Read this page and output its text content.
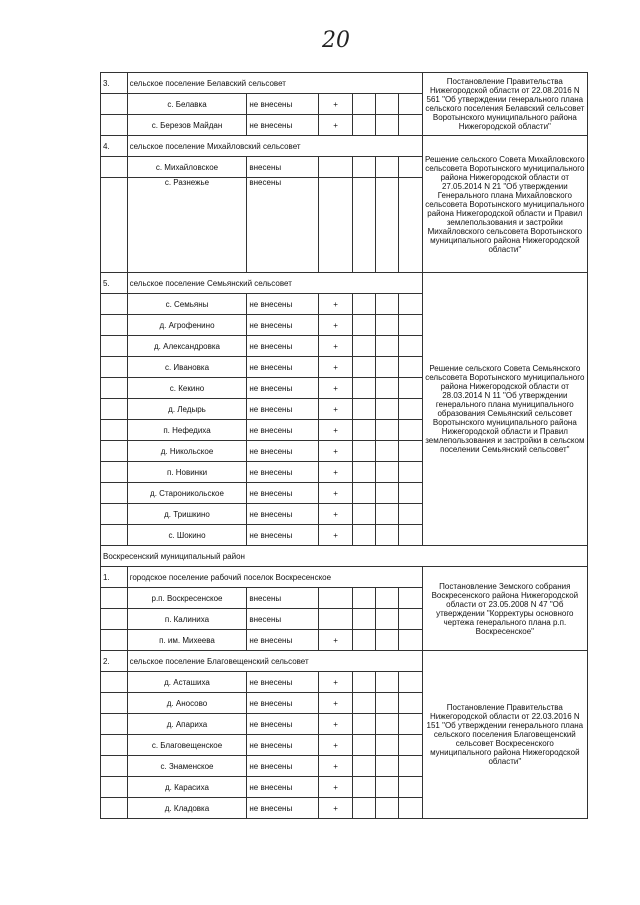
20
3.	сельское поселение Белавский сельсовет						Постановление Правительства Нижегородской области от 22.08.2016 N 561 "Об утверждении генерального плана сельского поселения Белавский сельсовет Воротынского муниципального района Нижегородской области"
	с. Белавка	не внесены	+				
	с. Березов Майдан	не внесены	+				
4.	сельское поселение Михайловский сельсовет						Решение сельского Совета Михайловского сельсовета Воротынского муниципального района Нижегородской области от 27.05.2014 N 21 "Об утверждении Генерального плана Михайловского сельсовета Воротынского муниципального района Нижегородской области и Правил землепользования и застройки Михайловского сельсовета Воротынского муниципального района Нижегородской области"
	с. Михайловское	внесены					
	с. Разнежье	внесены					
5.	сельское поселение Семьянский сельсовет						Решение сельского Совета Семьянского сельсовета Воротынского муниципального района Нижегородской области от 28.03.2014 N 11 "Об утверждении генерального плана муниципального образования Семьянский сельсовет Воротынского муниципального района Нижегородской области и Правил землепользования и застройки в сельском поселении Семьянский сельсовет"
	с. Семьяны	не внесены	+				
	д. Агрофенино	не внесены	+				
	д. Александровка	не внесены	+				
	с. Ивановка	не внесены	+				
	с. Кекино	не внесены	+				
	д. Ледырь	не внесены	+				
	п. Нефедиха	не внесены	+				
	д. Никольское	не внесены	+				
	п. Новинки	не внесены	+				
	д. Староникольское	не внесены	+				
	д. Тришкино	не внесены	+				
	с. Шокино	не внесены	+				
Воскресенский муниципальный район							
1.	городское поселение рабочий поселок Воскресенское						Постановление Земского собрания Воскресенского района Нижегородской области от 23.05.2008 N 47 "Об утверждении "Корректуры основного чертежа генерального плана р.п. Воскресенское"
	р.п. Воскресенское	внесены					
	п. Калиниха	внесены					
	п. им. Михеева	не внесены	+				
2.	сельское поселение Благовещенский сельсовет						Постановление Правительства Нижегородской области от 22.03.2016 N 151 "Об утверждении генерального плана сельского поселения Благовещенский сельсовет Воскресенского муниципального района Нижегородской области"
	д. Асташиха	не внесены	+				
	д. Аносово	не внесены	+				
	д. Апариха	не внесены	+				
	с. Благовещенское	не внесены	+				
	с. Знаменское	не внесены	+				
	д. Карасиха	не внесены	+				
	д. Кладовка	не внесены	+				
